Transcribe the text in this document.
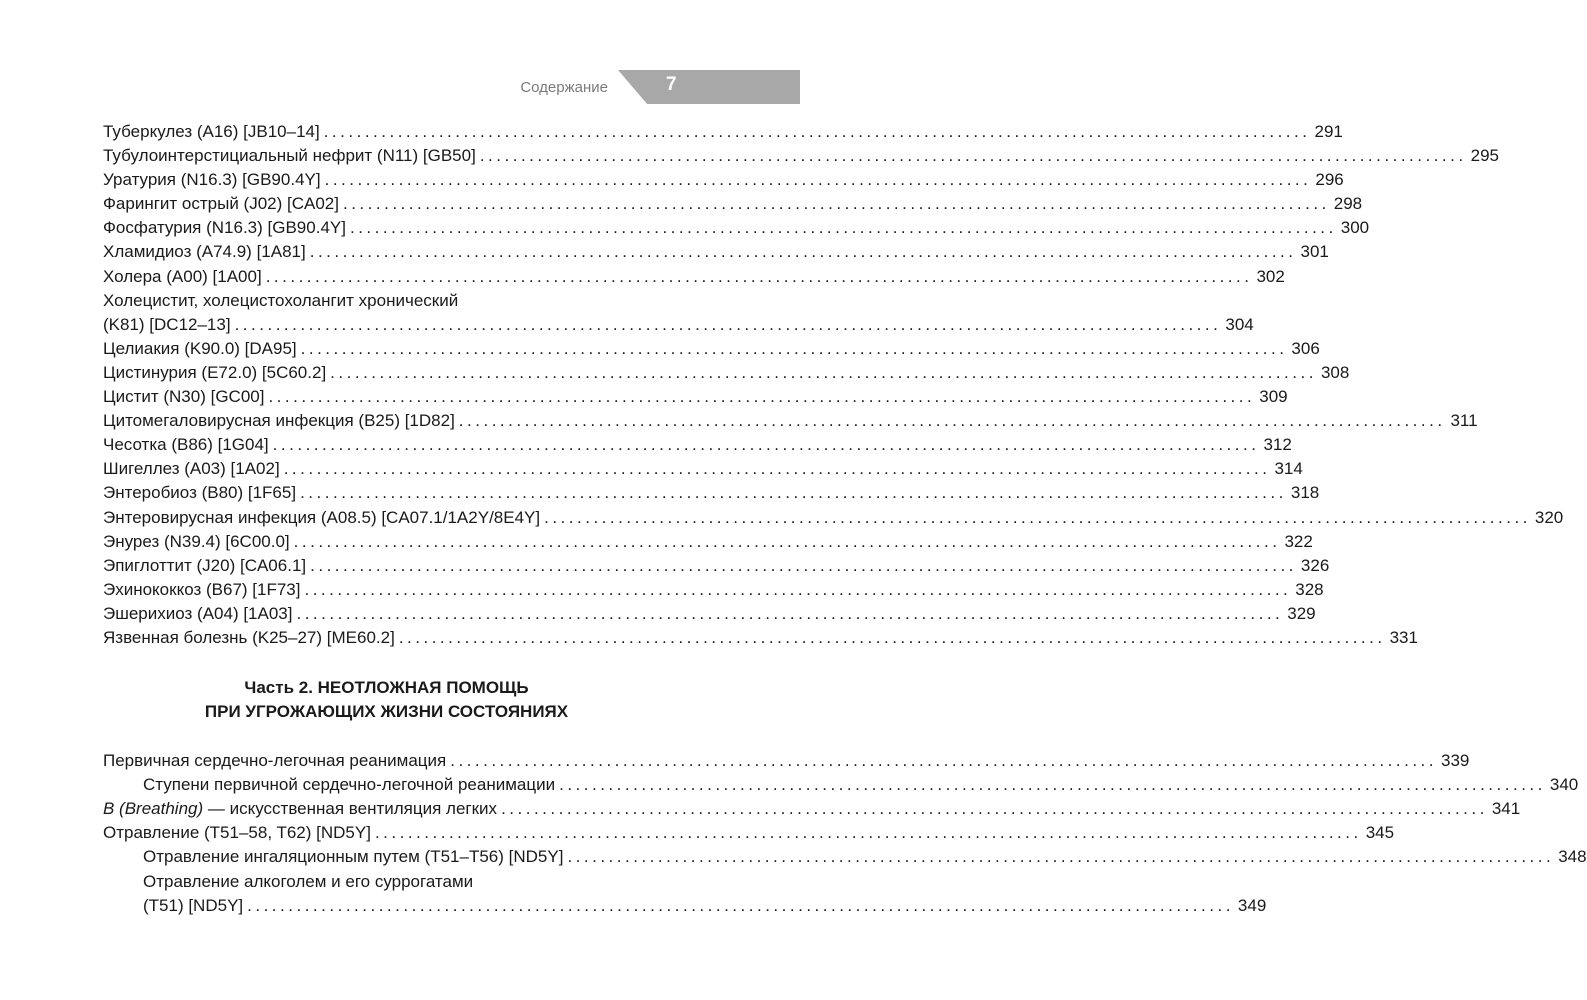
Содержание	7
Туберкулез (A16) [JB10–14] ........................................................................................................................ 291
Тубулоинтерстициальный нефрит (N11) [GB50] ........................................................................................................................ 295
Уратурия (N16.3) [GB90.4Y] ........................................................................................................................ 296
Фарингит острый (J02) [CA02] ........................................................................................................................ 298
Фосфатурия (N16.3) [GB90.4Y] ........................................................................................................................ 300
Хламидиоз (A74.9) [1A81] ........................................................................................................................ 301
Холера (A00) [1A00] ........................................................................................................................ 302
Холецистит, холецистохолангит хронический
(K81) [DC12–13] ........................................................................................................................ 304
Целиакия (K90.0) [DA95] ........................................................................................................................ 306
Цистинурия (E72.0) [5C60.2] ........................................................................................................................ 308
Цистит (N30) [GC00] ........................................................................................................................ 309
Цитомегаловирусная инфекция (B25) [1D82] ........................................................................................................................ 311
Чесотка (B86) [1G04] ........................................................................................................................ 312
Шигеллез (A03) [1A02] ........................................................................................................................ 314
Энтеробиоз (B80) [1F65] ........................................................................................................................ 318
Энтеровирусная инфекция (A08.5) [CA07.1/1A2Y/8E4Y] ........................................................................................................................ 320
Энурез (N39.4) [6C00.0] ........................................................................................................................ 322
Эпиглоттит (J20) [CA06.1] ........................................................................................................................ 326
Эхинококкоз (B67) [1F73] ........................................................................................................................ 328
Эшерихиоз (A04) [1A03] ........................................................................................................................ 329
Язвенная болезнь (K25–27) [ME60.2] ........................................................................................................................ 331
Часть 2. НЕОТЛОЖНАЯ ПОМОЩЬ
ПРИ УГРОЖАЮЩИХ ЖИЗНИ СОСТОЯНИЯХ
Первичная сердечно-легочная реанимация ........................................................................................................................ 339
Ступени первичной сердечно-легочной реанимации ........................................................................................................................ 340
B (Breathing) — искусственная вентиляция легких ........................................................................................................................ 341
Отравление (T51–58, T62) [ND5Y] ........................................................................................................................ 345
Отравление ингаляционным путем (T51–T56) [ND5Y] ........................................................................................................................ 348
Отравление алкоголем и его суррогатами
(T51) [ND5Y] ........................................................................................................................ 349
